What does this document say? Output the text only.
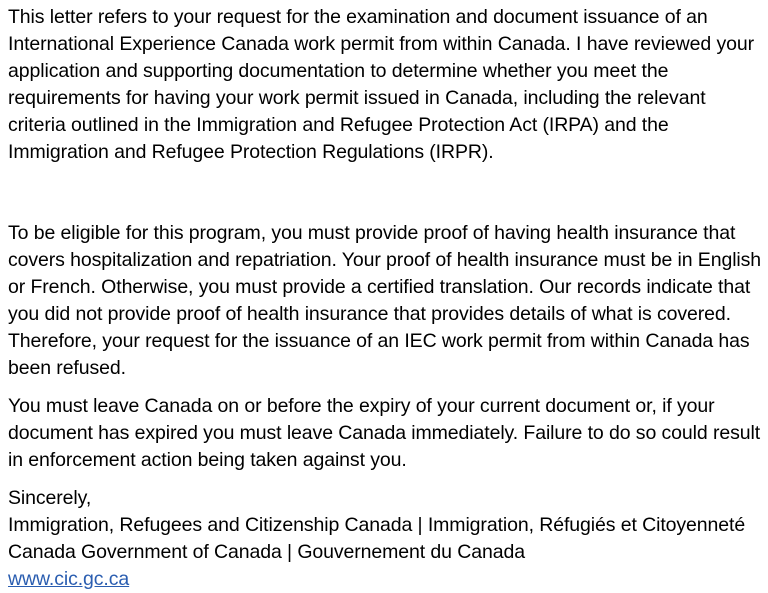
This letter refers to your request for the examination and document issuance of an International Experience Canada work permit from within Canada. I have reviewed your application and supporting documentation to determine whether you meet the requirements for having your work permit issued in Canada, including the relevant criteria outlined in the Immigration and Refugee Protection Act (IRPA) and the Immigration and Refugee Protection Regulations (IRPR).

To be eligible for this program, you must provide proof of having health insurance that covers hospitalization and repatriation. Your proof of health insurance must be in English or French. Otherwise, you must provide a certified translation. Our records indicate that you did not provide proof of health insurance that provides details of what is covered. Therefore, your request for the issuance of an IEC work permit from within Canada has been refused.

You must leave Canada on or before the expiry of your current document or, if your document has expired you must leave Canada immediately. Failure to do so could result in enforcement action being taken against you.

Sincerely,
Immigration, Refugees and Citizenship Canada | Immigration, Réfugiés et Citoyenneté
Canada Government of Canada | Gouvernement du Canada
www.cic.gc.ca
